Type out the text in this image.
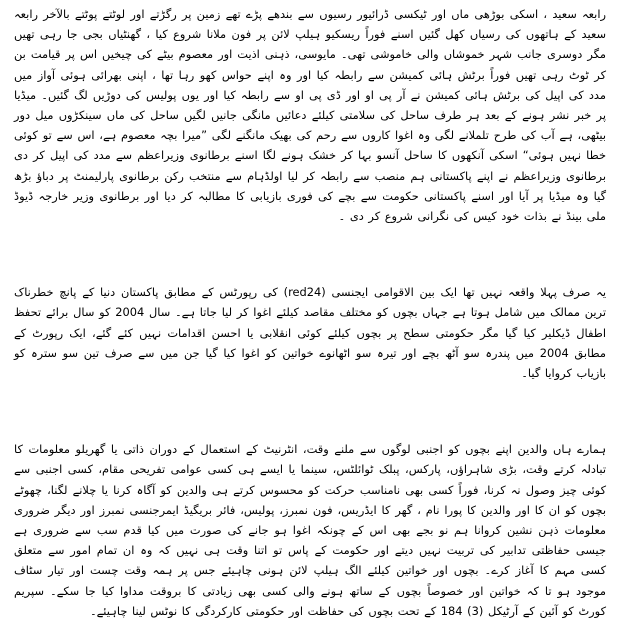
رابعہ سعید ، اسکی بوڑھی ماں اور ٹیکسی ڈرائیور رسیوں سے بندھے پڑے تھے زمین پر رگڑتے اور لوٹتے پوٹتے بالآخر رابعہ سعید کے ہاتھوں کی رسیاں کھل گئیں اسنے فوراً ریسکیو ہیلپ لائن پر فون ملانا شروع کیا ، گھنٹیاں بجی جا رہی تھیں مگر دوسری جانب شہر خموشاں والی خاموشی تھی۔ مایوسی، ذہنی اذیت اور معصوم بیٹے کی چیخیں اس پر قیامت بن کر ٹوٹ رہی تھیں فوراً برٹش ہائی کمیشن سے رابطہ کیا اور وہ اپنے حواس کھو رہا تھا ، اپنی بھرائی ہوئی آواز میں مدد کی اپیل کی برٹش ہائی کمیشن نے آر پی او اور ڈی پی او سے رابطہ کیا اور یوں پولیس کی دوڑیں لگ گئیں۔ میڈیا پر خبر نشر ہونے کے بعد ہر طرف ساحل کی سلامتی کیلئے دعائیں مانگی جانیں لگیں ساحل کی ماں سینکڑوں میل دور بیٹھی، ہے آب کی طرح تلملانے لگی وہ اغوا کاروں سے رحم کی بھیک مانگنے لگی ”میرا بچہ معصوم ہے، اس سے تو کوئی خطا نہیں ہوئی“ اسکی آنکھوں کا ساحل آنسو بہا کر خشک ہونے لگا اسنے برطانوی وزیراعظم سے مدد کی اپیل کر دی برطانوی وزیراعظم نے اپنے پاکستانی ہم منصب سے رابطہ کر لیا اولڈہام سے منتخب رکن برطانوی پارلیمنٹ پر دباؤ بڑھ گیا وہ میڈیا پر آیا اور اسنے پاکستانی حکومت سے بچے کی فوری بازیابی کا مطالبہ کر دیا اور برطانوی وزیر خارجہ ڈیوڈ ملی بینڈ نے بذات خود کیس کی نگرانی شروع کر دی ۔

یہ صرف پہلا واقعہ نہیں تھا ایک بین الاقوامی ایجنسی (red24) کی رپورٹس کے مطابق پاکستان دنیا کے پانچ خطرناک ترین ممالک میں شامل ہوتا ہے جہاں بچوں کو مختلف مقاصد کیلئے اغوا کر لیا جاتا ہے۔ سال 2004 کو سال برائے تحفظ اطفال ڈیکلیر کیا گیا مگر حکومتی سطح پر بچوں کیلئے کوئی انقلابی یا احسن اقدامات نہیں کئے گئے، ایک رپورٹ کے مطابق 2004 میں پندرہ سو آٹھ بچے اور تیرہ سو اٹھانوے خواتین کو اغوا کیا گیا جن میں سے صرف تین سو سترہ کو بازیاب کروایا گیا۔

ہمارے ہاں والدین اپنے بچوں کو اجنبی لوگوں سے ملنے وقت، انٹرنیٹ کے استعمال کے دوران ذاتی یا گھریلو معلومات کا تبادلہ کرتے وقت، بڑی شاہراؤں، پارکس، پبلک ٹوائلٹس، سینما یا ایسے ہی کسی عوامی تفریحی مقام، کسی اجنبی سے کوئی چیز وصول نہ کرنا، فوراً کسی بھی نامناسب حرکت کو محسوس کرتے ہی والدین کو آگاہ کرنا یا چلانے لگنا، چھوٹے بچوں کو ان کا اور والدین کا پورا نام ، گھر کا ایڈریس، فون نمبرز، پولیس، فائر بریگیڈ ایمرجنسی نمبرز اور دیگر ضروری معلومات ذہن نشین کروانا ہم نو بجے بھی اس کے چونکہ اغوا ہو جانے کی صورت میں کیا قدم سب سے ضروری ہے جیسی حفاظتی تدابیر کی تربیت نہیں دیتے اور حکومت کے پاس تو اتنا وقت ہی نہیں کہ وہ ان تمام امور سے متعلق کسی مہم کا آغاز کرے۔ بچوں اور خواتین کیلئے الگ ہیلپ لائن ہونی چاہیئے جس پر ہمہ وقت چست اور تیار سٹاف موجود ہو تا کہ خواتین اور خصوصاً بچوں کے ساتھ ہونے والی کسی بھی زیادتی کا بروقت مداوا کیا جا سکے۔ سپریم کورٹ کو آئین کے آرٹیکل (3) 184 کے تحت بچوں کی حفاظت اور حکومتی کارکردگی کا نوٹس لینا چاہیئے۔
